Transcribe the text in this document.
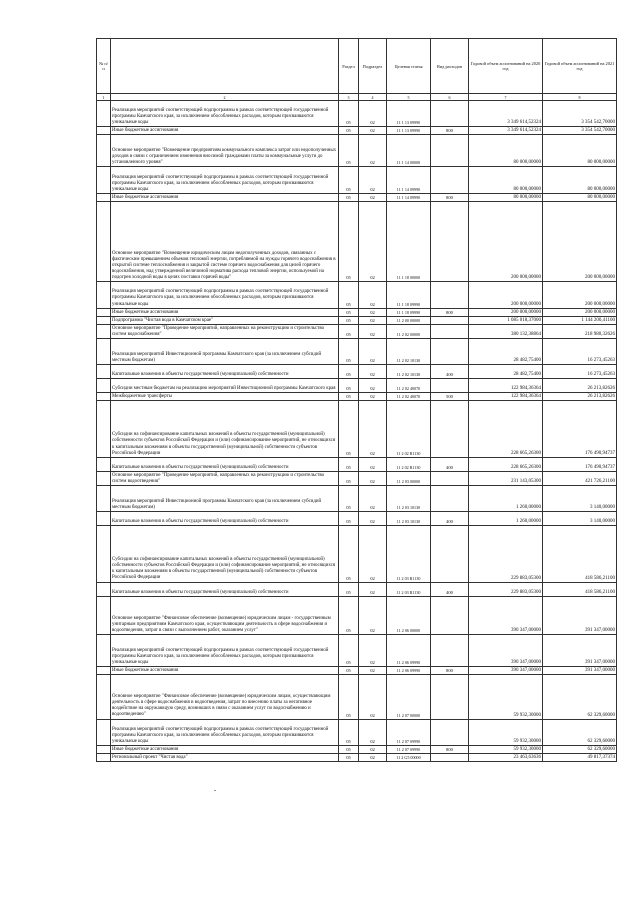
№ п/п		Раздел	Подраздел	Целевая статья	Вид расходов	Годовой объем ассигнований на 2020 год	Годовой объем ассигнований на 2021 год
1	2	3	4	5	6	7	8
	Реализация мероприятий соответствующей подпрограммы в рамках соответствующей государственной программы Камчатского края, за исключением обособленных расходов, которым присваиваются уникальные коды	05	02	11 1 13 09990		3 349 614,52324	3 354 542,70000
	Иные бюджетные ассигнования	05	02	11 1 13 09990	800	3 349 614,52324	3 354 542,70000
	Основное мероприятие "Возмещение предприятиям коммунального комплекса затрат или недополученных доходов в связи с ограничением изменения вносимой гражданами платы за коммунальные услуги до установленного уровня"	05	02	11 1 14 00000		80 000,00000	80 000,00000
	Реализация мероприятий соответствующей подпрограммы в рамках соответствующей государственной программы Камчатского края, за исключением обособленных расходов, которым присваиваются уникальные коды	05	02	11 1 14 09990		80 000,00000	80 000,00000
	Иные бюджетные ассигнования	05	02	11 1 14 09990	800	80 000,00000	80 000,00000
	Основное мероприятие "Возмещение юридическим лицам недополученных доходов, связанных с фактическим превышением объемов тепловой энергии, потребляемой на нужды горячего водоснабжения в открытой системе теплоснабжения и закрытой системе горячего водоснабжения для целей горячего водоснабжения, над утвержденной величиной норматива расхода тепловой энергии, используемой на подогрев холодной воды в целях поставки горячей воды"	05	02	11 1 18 00000		200 000,00000	200 000,00000
	Реализация мероприятий соответствующей подпрограммы в рамках соответствующей государственной программы Камчатского края, за исключением обособленных расходов, которым присваиваются уникальные коды	05	02	11 1 18 09990		200 000,00000	200 000,00000
	Иные бюджетные ассигнования	05	02	11 1 18 09990	800	200 000,00000	200 000,00000
	Подпрограмма "Чистая вода в Камчатском крае"	05	02	11 2 00 00000		1 085 018,37000	1 144 200,41100
	Основное мероприятие "Проведение мероприятий, направленных на реконструкцию и строительство систем водоснабжения"	05	02	11 2 02 00000		380 132,38864	218 980,32626
	Реализация мероприятий Инвестиционной программы Камчатского края (за исключением субсидий местным бюджетам)	05	02	11 2 02 10130		28 482,75400	16 273,45263
	Капитальные вложения в объекты государственной (муниципальной) собственности	05	02	11 2 02 10130	400	28 482,75400	16 273,45263
	Субсидии местным бюджетам на реализацию мероприятий Инвестиционной программы Камчатского края	05	02	11 2 02 40070		122 984,36364	26 213,82626
	Межбюджетные трансферты	05	02	11 2 02 40070	500	122 984,36364	26 213,82626
	Субсидии на софинансирование капитальных вложений в объекты государственной (муниципальной) собственности субъектов Российской Федерации и (или) софинансирование мероприятий, не относящихся к капитальным вложениям в объекты государственной (муниципальной) собственности субъектов Российской Федерации	05	02	11 2 02 R1130		228 665,26300	176 490,94737
	Капитальные вложения в объекты государственной (муниципальной) собственности	05	02	11 2 02 R1130	400	228 665,26300	176 490,94737
	Основное мероприятие "Проведение мероприятий, направленных на реконструкцию и строительство систем водоотведения"	05	02	11 2 03 00000		231 143,05300	421 726,21100
	Реализация мероприятий Инвестиционной программы Камчатского края (за исключением субсидий местным бюджетам)	05	02	11 2 03 10130		1 260,00000	3 140,00000
	Капитальные вложения в объекты государственной (муниципальной) собственности	05	02	11 2 03 10130	400	1 260,00000	3 140,00000
	Субсидии на софинансирование капитальных вложений в объекты государственной (муниципальной) собственности субъектов Российской Федерации и (или) софинансирование мероприятий, не относящихся к капитальным вложениям в объекты государственной (муниципальной) собственности субъектов Российской Федерации	05	02	11 2 03 R1130		229 883,05300	418 586,21100
	Капитальные вложения в объекты государственной (муниципальной) собственности	05	02	11 2 03 R1130	400	229 883,05300	418 586,21100
	Основное мероприятие "Финансовое обеспечение (возмещение) юридическим лицам - государственным унитарным предприятиям Камчатского края, осуществляющим деятельность в сфере водоснабжения и водоотведения, затрат в связи с выполнением работ, оказанием услуг"	05	02	11 2 06 00000		390 347,00000	391 347,00000
	Реализация мероприятий соответствующей подпрограммы в рамках соответствующей государственной программы Камчатского края, за исключением обособленных расходов, которым присваиваются уникальные коды	05	02	11 2 06 09990		390 347,00000	391 347,00000
	Иные бюджетные ассигнования	05	02	11 2 06 09990	800	390 347,00000	391 347,00000
	Основное мероприятие "Финансовое обеспечение (возмещение) юридическим лицам, осуществляющим деятельность в сфере водоснабжения и водоотведения, затрат по внесению платы за негативное воздействие на окружающую среду, возникших в связи с оказанием услуг по водоснабжению и водоотведению"	05	02	11 2 07 00000		59 932,30000	62 329,60000
	Реализация мероприятий соответствующей подпрограммы в рамках соответствующей государственной программы Камчатского края, за исключением обособленных расходов, которым присваиваются уникальные коды	05	02	11 2 07 09990		59 932,30000	62 329,60000
	Иные бюджетные ассигнования	05	02	11 2 07 09990	800	59 932,30000	62 329,60000
	Региональный проект "Чистая вода"	05	02	11 2 G5 00000		23 463,63636	49 817,37374
